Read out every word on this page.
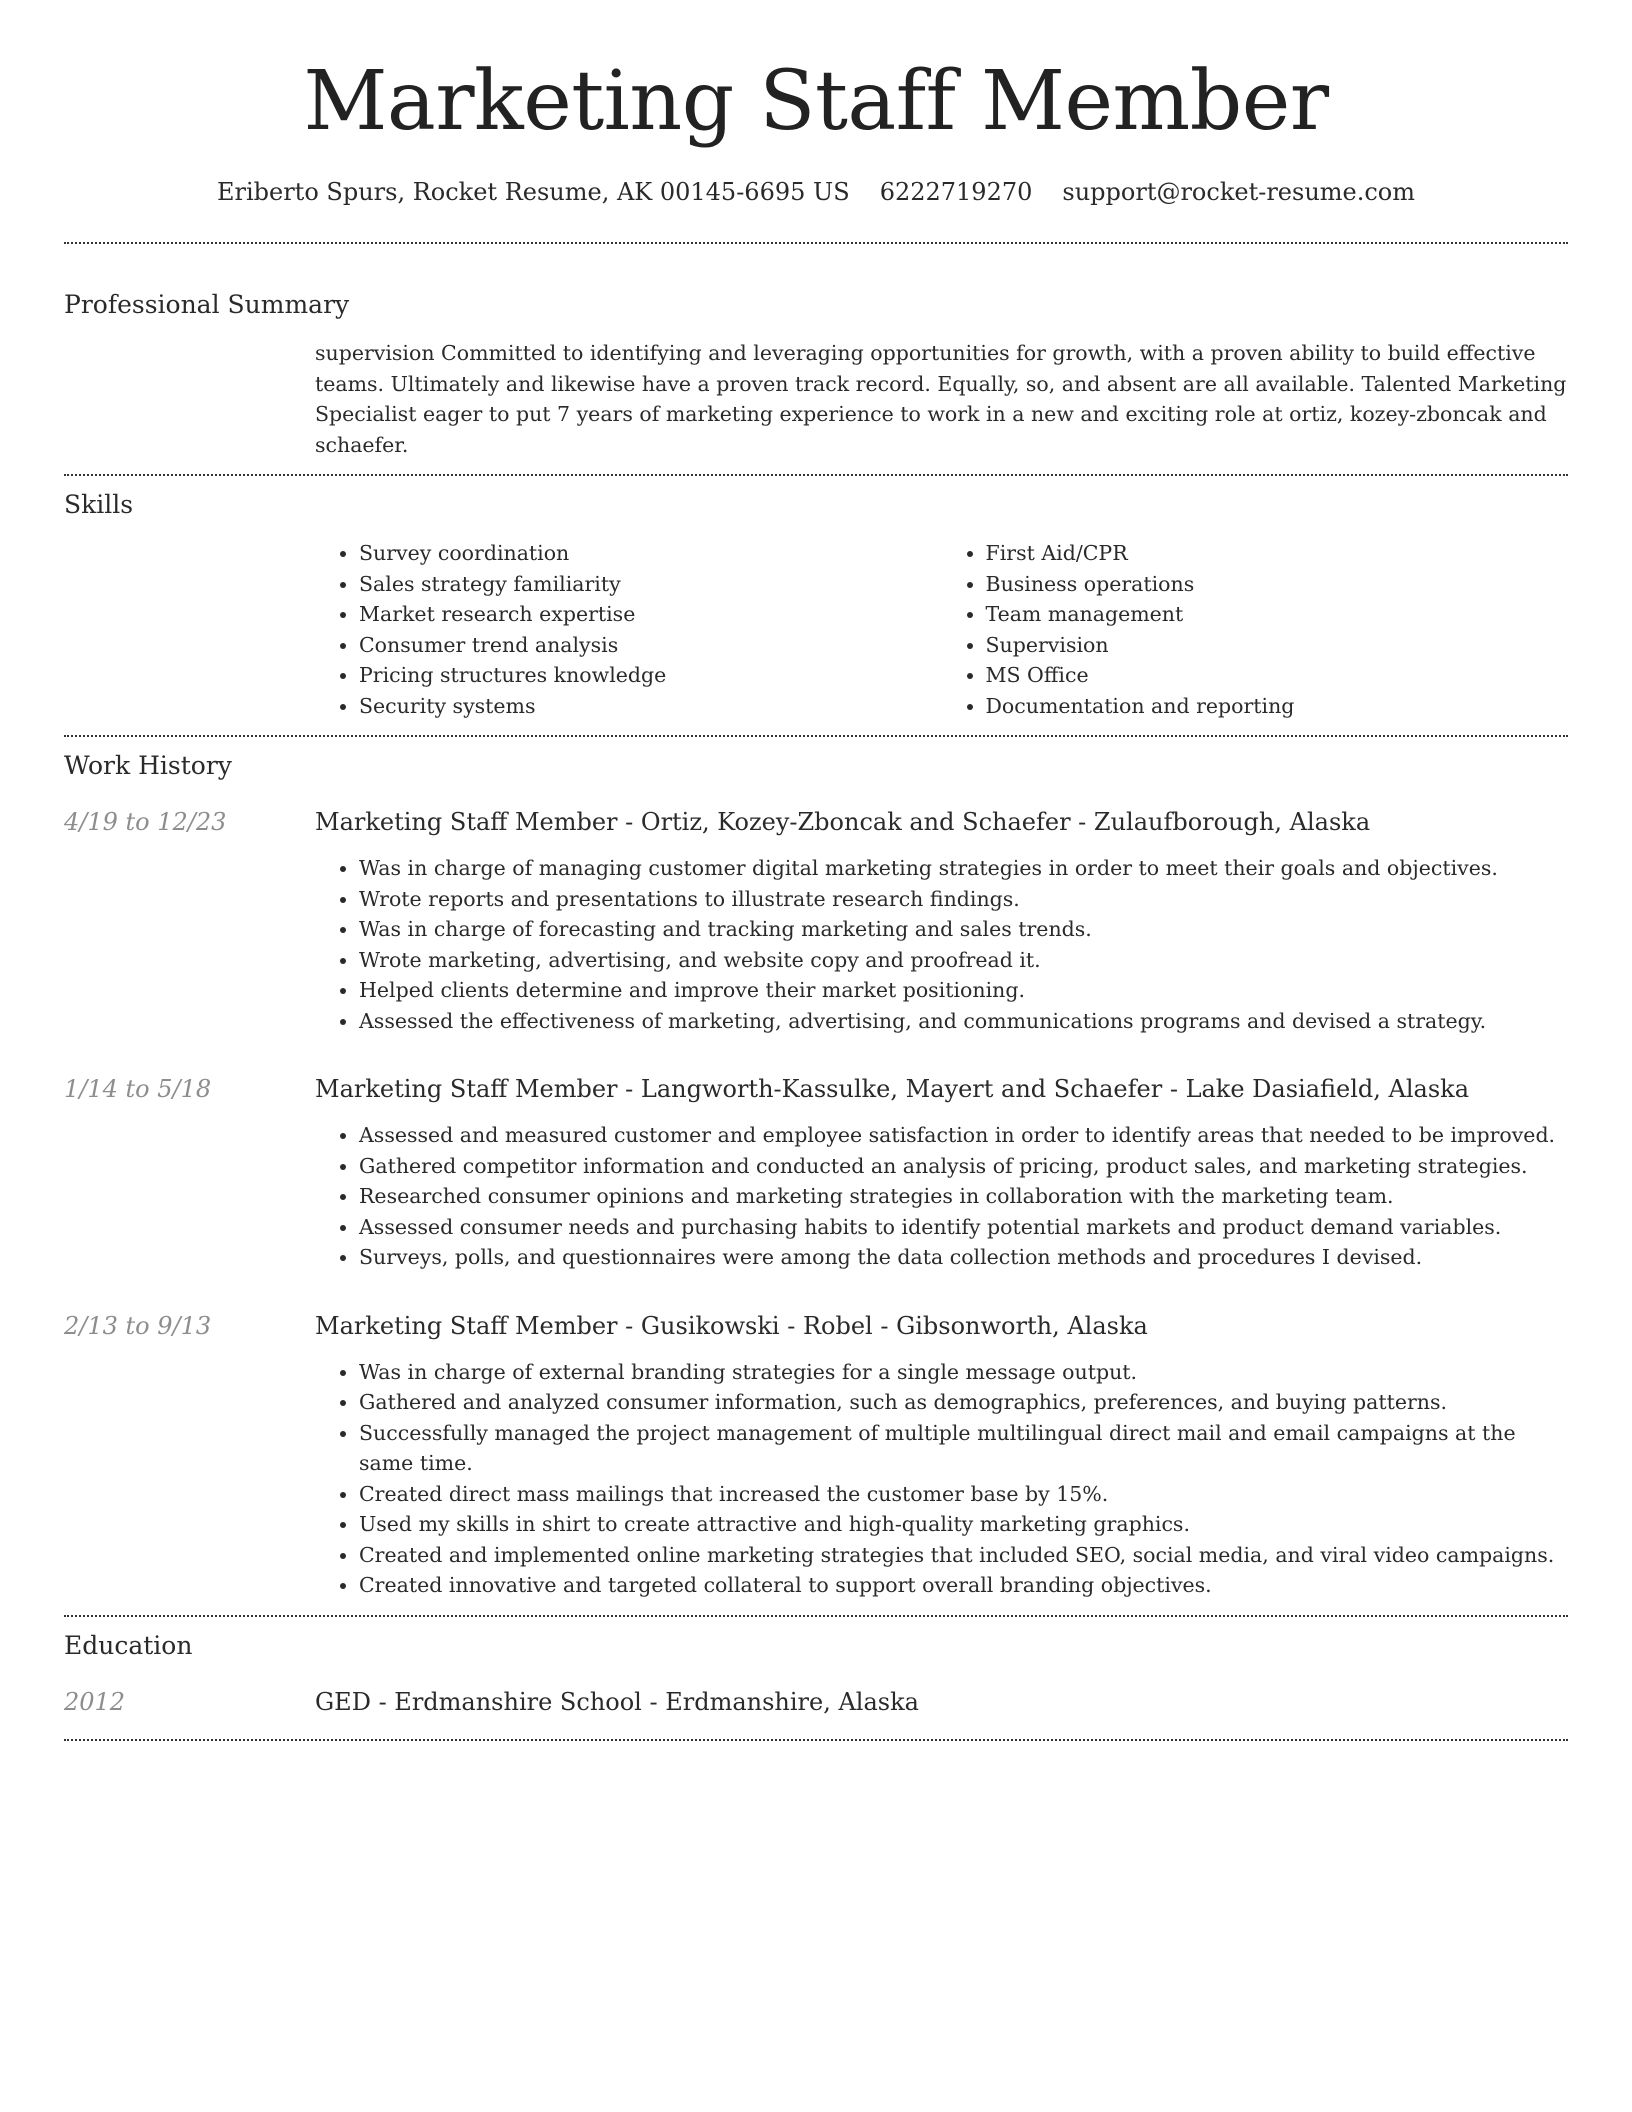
Marketing Staff Member
Eriberto Spurs, Rocket Resume, AK 00145-6695 US 6222719270 support@rocket-resume.com
Professional Summary

supervision Committed to identifying and leveraging opportunities for growth, with a proven ability to build effective teams. Ultimately and likewise have a proven track record. Equally, so, and absent are all available. Talented Marketing Specialist eager to put 7 years of marketing experience to work in a new and exciting role at ortiz, kozey-zboncak and schaefer.

Skills
• Survey coordination
• Sales strategy familiarity
• Market research expertise
• Consumer trend analysis
• Pricing structures knowledge
• Security systems
• First Aid/CPR
• Business operations
• Team management
• Supervision
• MS Office
• Documentation and reporting
Work History
4/19 to 12/23	Marketing Staff Member - Ortiz, Kozey-Zboncak and Schaefer - Zulaufborough, Alaska
• Was in charge of managing customer digital marketing strategies in order to meet their goals and objectives.
• Wrote reports and presentations to illustrate research findings.
• Was in charge of forecasting and tracking marketing and sales trends.
• Wrote marketing, advertising, and website copy and proofread it.
• Helped clients determine and improve their market positioning.
• Assessed the effectiveness of marketing, advertising, and communications programs and devised a strategy.
1/14 to 5/18	Marketing Staff Member - Langworth-Kassulke, Mayert and Schaefer - Lake Dasiafield, Alaska
• Assessed and measured customer and employee satisfaction in order to identify areas that needed to be improved.
• Gathered competitor information and conducted an analysis of pricing, product sales, and marketing strategies.
• Researched consumer opinions and marketing strategies in collaboration with the marketing team.
• Assessed consumer needs and purchasing habits to identify potential markets and product demand variables.
• Surveys, polls, and questionnaires were among the data collection methods and procedures I devised.
2/13 to 9/13	Marketing Staff Member - Gusikowski - Robel - Gibsonworth, Alaska
• Was in charge of external branding strategies for a single message output.
• Gathered and analyzed consumer information, such as demographics, preferences, and buying patterns.
• Successfully managed the project management of multiple multilingual direct mail and email campaigns at the same time.
• Created direct mass mailings that increased the customer base by 15%.
• Used my skills in shirt to create attractive and high-quality marketing graphics.
• Created and implemented online marketing strategies that included SEO, social media, and viral video campaigns.
• Created innovative and targeted collateral to support overall branding objectives.
Education
2012	GED - Erdmanshire School - Erdmanshire, Alaska
